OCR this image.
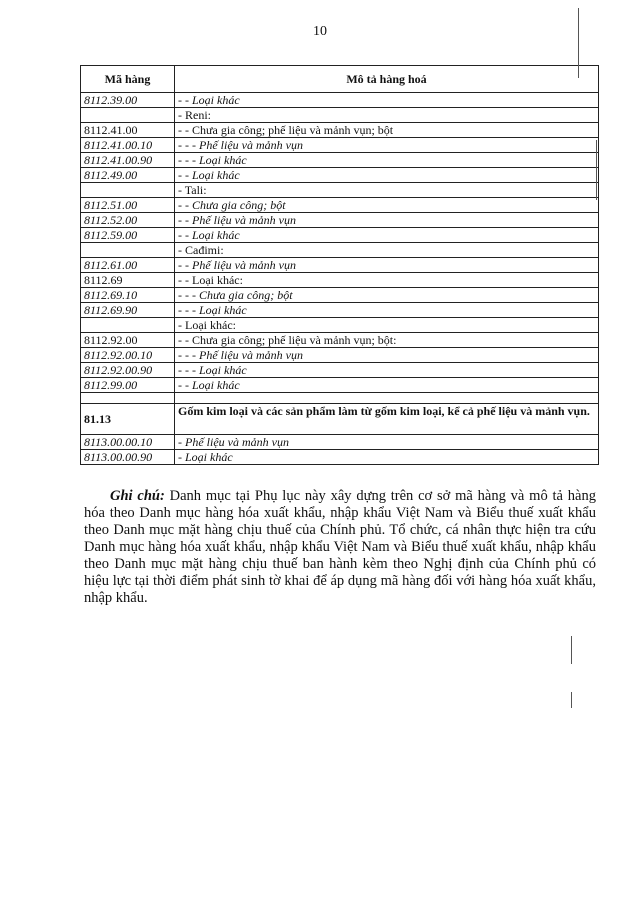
10
Mã hàng	Mô tả hàng hoá
8112.39.00	- - Loại khác
	- Reni:
8112.41.00	- - Chưa gia công; phế liệu và mảnh vụn; bột
8112.41.00.10	- - - Phế liệu và mảnh vụn
8112.41.00.90	- - - Loại khác
8112.49.00	- - Loại khác
	- Tali:
8112.51.00	- - Chưa gia công; bột
8112.52.00	- - Phế liệu và mảnh vụn
8112.59.00	- - Loại khác
	- Cađimi:
8112.61.00	- - Phế liệu và mảnh vụn
8112.69	- - Loại khác:
8112.69.10	- - - Chưa gia công; bột
8112.69.90	- - - Loại khác
	- Loại khác:
8112.92.00	- - Chưa gia công; phế liệu và mảnh vụn; bột:
8112.92.00.10	- - - Phế liệu và mảnh vụn
8112.92.00.90	- - - Loại khác
8112.99.00	- - Loại khác

81.13	Gốm kim loại và các sản phẩm làm từ gốm kim loại, kể cả phế liệu và mảnh vụn.
8113.00.00.10	- Phế liệu và mảnh vụn
8113.00.00.90	- Loại khác
Ghi chú: Danh mục tại Phụ lục này xây dựng trên cơ sở mã hàng và mô tả hàng hóa theo Danh mục hàng hóa xuất khẩu, nhập khẩu Việt Nam và Biểu thuế xuất khẩu theo Danh mục mặt hàng chịu thuế của Chính phủ. Tổ chức, cá nhân thực hiện tra cứu Danh mục hàng hóa xuất khẩu, nhập khẩu Việt Nam và Biểu thuế xuất khẩu, nhập khẩu theo Danh mục mặt hàng chịu thuế ban hành kèm theo Nghị định của Chính phủ có hiệu lực tại thời điểm phát sinh tờ khai để áp dụng mã hàng đối với hàng hóa xuất khẩu, nhập khẩu.
